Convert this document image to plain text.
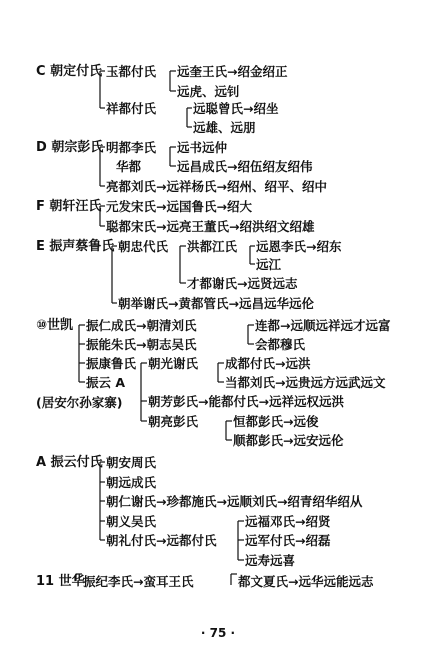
C 朝定付氏 玉都付氏 远奎王氏→绍金绍正
远虎、远钊
祥都付氏	远聪曾氏→绍坐
远雄、远朋
D 朝宗彭氏 明都李氏 远书远仲
华都	远昌成氏→绍伍绍友绍伟
亮都刘氏→远祥杨氏→绍州、绍平、绍中
F 朝轩汪氏 元发宋氏→远国鲁氏→绍大
聪都宋氏→远亮王董氏→绍洪绍文绍雄
E 振声蔡鲁氏 朝忠代氏 洪都江氏 远恩李氏→绍东
远江
才都谢氏→远贤远志
朝举谢氏→黄都管氏→远昌远华远伦
⑩世凯 振仁成氏→朝清刘氏	连都→远顺远祥远才远富
会都穆氏
振能朱氏→朝志吴氏
振康鲁氏 朝光谢氏 成都付氏→远洪
当都刘氏→远贵远方远武远文
振云 A
(居安尔孙家寨) 朝芳彭氏→能都付氏→远祥远权远洪
朝亮彭氏	恒都彭氏→远俊
顺都彭氏→远安远伦
A 振云付氏 朝安周氏
朝远成氏
朝仁谢氏→珍都施氏→远顺刘氏→绍青绍华绍从
朝义吴氏
朝礼付氏→远都付氏
远福邓氏→绍贤
远军付氏→绍磊
远寿远喜
11 世华
振纪李氏→蛮耳王氏	都文夏氏→远华远能远志
· 75 ·
